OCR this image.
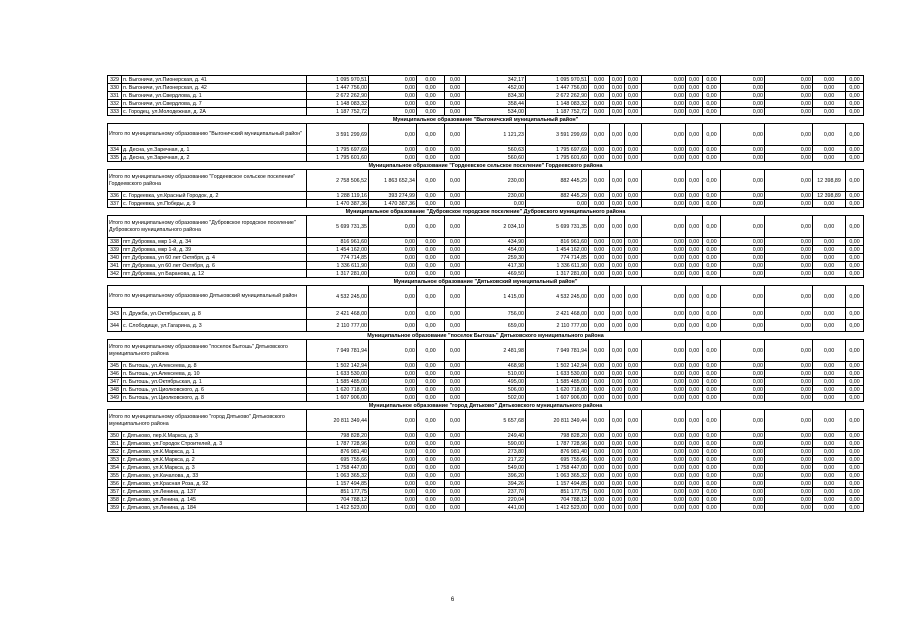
329	п. Выгоничи, ул.Пионерская, д. 41	1 095 970,51	0,00	0,00	0,00	342,17	1 095 970,51	0,00	0,00	0,00	0,00	0,00	0,00	0,00	0,00	0,00	0,00
330	п. Выгоничи, ул.Пионерская, д. 42	1 447 756,00	0,00	0,00	0,00	452,00	1 447 756,00	0,00	0,00	0,00	0,00	0,00	0,00	0,00	0,00	0,00	0,00
331	п. Выгоничи, ул.Свердлова, д. 1	2 672 262,90	0,00	0,00	0,00	834,30	2 672 262,90	0,00	0,00	0,00	0,00	0,00	0,00	0,00	0,00	0,00	0,00
332	п. Выгоничи, ул.Свердлова, д. 7	1 148 083,32	0,00	0,00	0,00	358,44	1 148 083,32	0,00	0,00	0,00	0,00	0,00	0,00	0,00	0,00	0,00	0,00
333	с. Городец, ул.Молодежная, д. 2А	1 187 752,72	0,00	0,00	0,00	534,00	1 187 752,72	0,00	0,00	0,00	0,00	0,00	0,00	0,00	0,00	0,00	0,00
Муниципальное образование "Выгоничский муниципальный район"																	
Итого по муниципальному образованию "Выгоничский муниципальный район"		3 591 299,69	0,00	0,00	0,00	1 121,23	3 591 299,69	0,00	0,00	0,00	0,00	0,00	0,00	0,00	0,00	0,00	0,00
334	д. Десна, ул.Заречная, д. 1	1 795 697,69	0,00	0,00	0,00	560,63	1 795 697,69	0,00	0,00	0,00	0,00	0,00	0,00	0,00	0,00	0,00	0,00
335	д. Десна, ул.Заречная, д. 2	1 795 601,60	0,00	0,00	0,00	560,60	1 795 601,60	0,00	0,00	0,00	0,00	0,00	0,00	0,00	0,00	0,00	0,00
Муниципальное образование "Гордеевское сельское поселение" Гордеевского района																	
Итого по муниципальному образованию "Гордеевское сельское поселение" Гордеевского района		2 758 506,52	1 863 652,34	0,00	0,00	230,00	882 445,29	0,00	0,00	0,00	0,00	0,00	0,00	0,00	0,00	12 398,89	0,00
336	с. Гордеевка, ул.Красный Городок, д. 2	1 288 119,16	393 274,99	0,00	0,00	230,00	882 445,29	0,00	0,00	0,00	0,00	0,00	0,00	0,00	0,00	12 398,89	0,00
337	с. Гордеевка, ул.Победы, д. 9	1 470 387,36	1 470 387,36	0,00	0,00	0,00	0,00	0,00	0,00	0,00	0,00	0,00	0,00	0,00	0,00	0,00	0,00
Муниципальное образование "Дубровское городское поселение" Дубровского муниципального района																	
Итого по муниципальному образованию "Дубровское городское поселение" Дубровского муниципального района		5 699 731,35	0,00	0,00	0,00	2 034,10	5 699 731,35	0,00	0,00	0,00	0,00	0,00	0,00	0,00	0,00	0,00	0,00
338	пгт Дубровка, мкр 1-й, д. 34	816 961,60	0,00	0,00	0,00	434,90	816 961,60	0,00	0,00	0,00	0,00	0,00	0,00	0,00	0,00	0,00	0,00
339	пгт Дубровка, мкр 1-й, д. 39	1 454 162,00	0,00	0,00	0,00	454,00	1 454 162,00	0,00	0,00	0,00	0,00	0,00	0,00	0,00	0,00	0,00	0,00
340	пгт Дубровка, ул 60 лет Октября, д. 4	774 714,85	0,00	0,00	0,00	259,30	774 714,85	0,00	0,00	0,00	0,00	0,00	0,00	0,00	0,00	0,00	0,00
341	пгт Дубровка, ул 60 лет Октября, д. 6	1 336 611,90	0,00	0,00	0,00	417,30	1 336 611,90	0,00	0,00	0,00	0,00	0,00	0,00	0,00	0,00	0,00	0,00
342	пгт Дубровка, ул Баранова, д. 12	1 317 281,00	0,00	0,00	0,00	469,50	1 317 281,00	0,00	0,00	0,00	0,00	0,00	0,00	0,00	0,00	0,00	0,00
Муниципальное образование "Дятьковский муниципальный район"																	
Итого по муниципальному образованию Дятьковский муниципальный район		4 532 245,00	0,00	0,00	0,00	1 415,00	4 532 245,00	0,00	0,00	0,00	0,00	0,00	0,00	0,00	0,00	0,00	0,00
343	п. Дружба, ул.Октябрьская, д. 8	2 421 468,00	0,00	0,00	0,00	756,00	2 421 468,00	0,00	0,00	0,00	0,00	0,00	0,00	0,00	0,00	0,00	0,00
344	с. Слободище, ул.Гагарина, д. 3	2 110 777,00	0,00	0,00	0,00	659,00	2 110 777,00	0,00	0,00	0,00	0,00	0,00	0,00	0,00	0,00	0,00	0,00
Муниципальное образование "поселок Бытошь" Дятьковского муниципального района																	
Итого по муниципальному образованию "поселок Бытошь" Дятьковского муниципального района		7 949 781,94	0,00	0,00	0,00	2 481,98	7 949 781,94	0,00	0,00	0,00	0,00	0,00	0,00	0,00	0,00	0,00	0,00
345	п. Бытошь, ул.Алексеева, д. 8	1 502 142,94	0,00	0,00	0,00	468,98	1 502 142,94	0,00	0,00	0,00	0,00	0,00	0,00	0,00	0,00	0,00	0,00
346	п. Бытошь, ул.Алексеева, д. 10	1 633 530,00	0,00	0,00	0,00	510,00	1 633 530,00	0,00	0,00	0,00	0,00	0,00	0,00	0,00	0,00	0,00	0,00
347	п. Бытошь, ул.Октябрьская, д. 1	1 585 485,00	0,00	0,00	0,00	495,00	1 585 485,00	0,00	0,00	0,00	0,00	0,00	0,00	0,00	0,00	0,00	0,00
348	п. Бытошь, ул.Циолковского, д. 6	1 620 718,00	0,00	0,00	0,00	506,00	1 620 718,00	0,00	0,00	0,00	0,00	0,00	0,00	0,00	0,00	0,00	0,00
349	п. Бытошь, ул.Циолковского, д. 8	1 607 906,00	0,00	0,00	0,00	502,00	1 607 906,00	0,00	0,00	0,00	0,00	0,00	0,00	0,00	0,00	0,00	0,00
Муниципальное образование "город Дятьково" Дятьковского муниципального района																	
Итого по муниципальному образованию "город Дятьково" Дятьковского муниципального района		20 811 349,44	0,00	0,00	0,00	5 657,68	20 811 349,44	0,00	0,00	0,00	0,00	0,00	0,00	0,00	0,00	0,00	0,00
350	г. Дятьково, пер.К.Маркса, д. 3	798 828,20	0,00	0,00	0,00	249,40	798 828,20	0,00	0,00	0,00	0,00	0,00	0,00	0,00	0,00	0,00	0,00
351	г. Дятьково, ул.Городок Строителей, д. 3	1 787 728,96	0,00	0,00	0,00	590,00	1 787 728,96	0,00	0,00	0,00	0,00	0,00	0,00	0,00	0,00	0,00	0,00
352	г. Дятьково, ул.К.Маркса, д. 1	876 981,40	0,00	0,00	0,00	273,80	876 981,40	0,00	0,00	0,00	0,00	0,00	0,00	0,00	0,00	0,00	0,00
353	г. Дятьково, ул.К.Маркса, д. 2	695 755,66	0,00	0,00	0,00	217,22	695 755,66	0,00	0,00	0,00	0,00	0,00	0,00	0,00	0,00	0,00	0,00
354	г. Дятьково, ул.К.Маркса, д. 3	1 758 447,00	0,00	0,00	0,00	549,00	1 758 447,00	0,00	0,00	0,00	0,00	0,00	0,00	0,00	0,00	0,00	0,00
355	г. Дятьково, ул.Качалова, д. 33	1 063 365,32	0,00	0,00	0,00	396,20	1 063 365,32	0,00	0,00	0,00	0,00	0,00	0,00	0,00	0,00	0,00	0,00
356	г. Дятьково, ул.Красная Роза, д. 92	1 157 494,85	0,00	0,00	0,00	394,26	1 157 494,85	0,00	0,00	0,00	0,00	0,00	0,00	0,00	0,00	0,00	0,00
357	г. Дятьково, ул.Ленина, д. 137	851 177,75	0,00	0,00	0,00	237,70	851 177,75	0,00	0,00	0,00	0,00	0,00	0,00	0,00	0,00	0,00	0,00
358	г. Дятьково, ул.Ленина, д. 145	704 788,12	0,00	0,00	0,00	220,04	704 788,12	0,00	0,00	0,00	0,00	0,00	0,00	0,00	0,00	0,00	0,00
359	г. Дятьково, ул.Ленина, д. 184	1 412 523,00	0,00	0,00	0,00	441,00	1 412 523,00	0,00	0,00	0,00	0,00	0,00	0,00	0,00	0,00	0,00	0,00
6
